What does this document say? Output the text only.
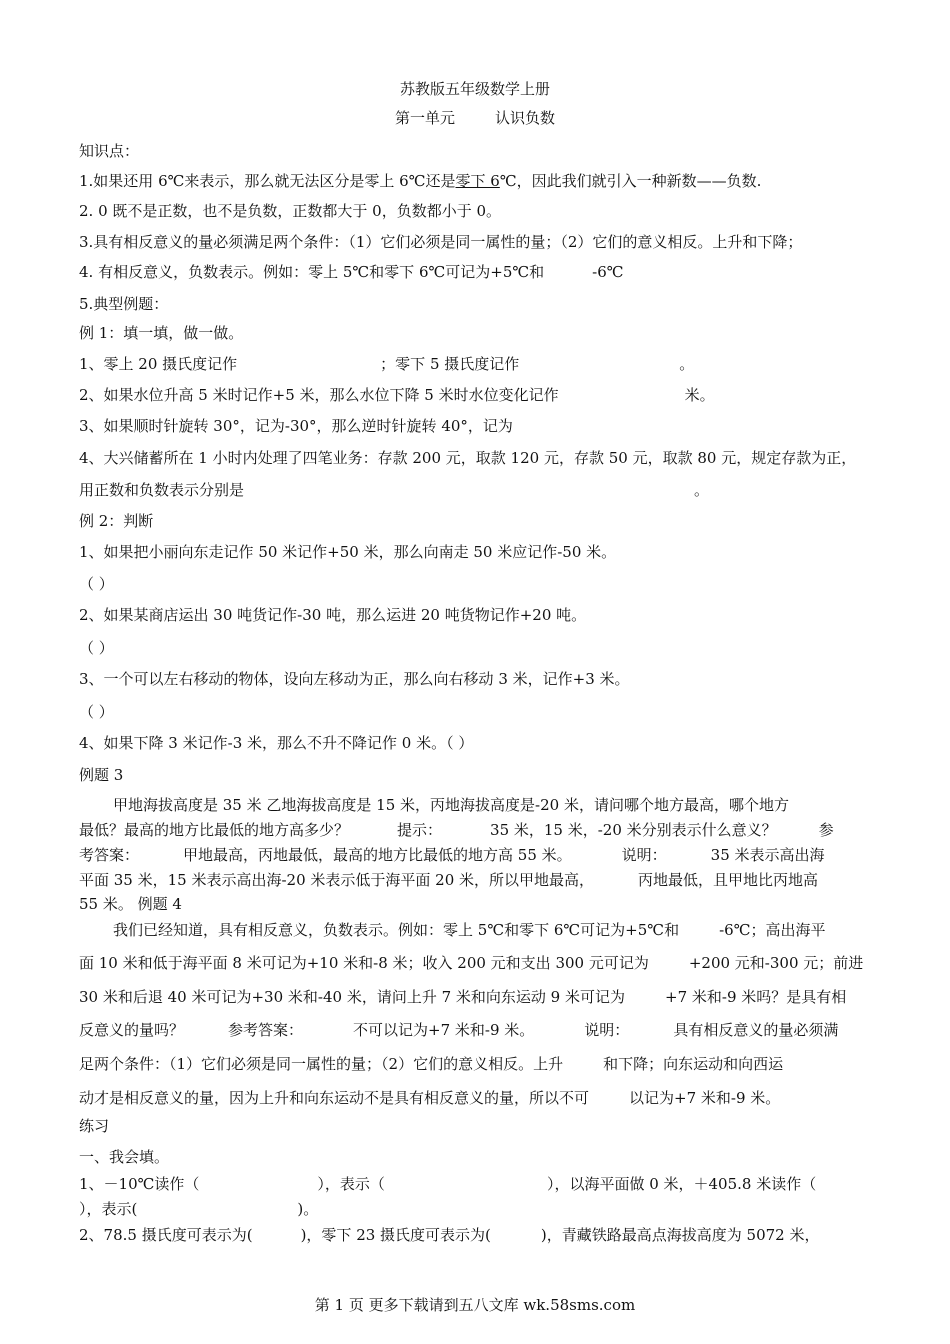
苏教版五年级数学上册
第一单元	认识负数
知识点：
1.如果还用 6℃来表示，那么就无法区分是零上 6℃还是零下 6℃，因此我们就引入一种新数——负数.
2. 0 既不是正数，也不是负数，正数都大于 0，负数都小于 0。
3.具有相反意义的量必须满足两个条件：（1）它们必须是同一属性的量；（2）它们的意义相反。上升和下降；
4. 有相反意义，负数表示。例如：零上 5℃和零下 6℃可记为+5℃和	-6℃
5.典型例题：
例 1：填一填，做一做。
1、零上 20 摄氏度记作	；零下 5 摄氏度记作	。
2、如果水位升高 5 米时记作+5 米，那么水位下降 5 米时水位变化记作	米。
3、如果顺时针旋转 30°，记为-30°，那么逆时针旋转 40°，记为
4、大兴储蓄所在 1 小时内处理了四笔业务：存款 200 元，取款 120 元，存款 50 元，取款 80 元，规定存款为正，
用正数和负数表示分别是	。
例 2：判断
1、如果把小丽向东走记作 50 米记作+50 米，那么向南走 50 米应记作-50 米。
（ ）
2、如果某商店运出 30 吨货记作-30 吨，那么运进 20 吨货物记作+20 吨。
（ ）
3、一个可以左右移动的物体，设向左移动为正，那么向右移动 3 米，记作+3 米。
（ ）
4、如果下降 3 米记作-3 米，那么不升不降记作 0 米。（ ）
例题 3
甲地海拔高度是 35 米 乙地海拔高度是 15 米，丙地海拔高度是-20 米，请问哪个地方最高，哪个地方
最低？最高的地方比最低的地方高多少？	提示：	35 米，15 米，-20 米分别表示什么意义？	参
考答案：	甲地最高，丙地最低，最高的地方比最低的地方高 55 米。	说明：	35 米表示高出海
平面 35 米，15 米表示高出海-20 米表示低于海平面 20 米，所以甲地最高，	丙地最低，且甲地比丙地高
55 米。 例题 4
我们已经知道，具有相反意义，负数表示。例如：零上 5℃和零下 6℃可记为+5℃和	-6℃；高出海平
面 10 米和低于海平面 8 米可记为+10 米和-8 米；收入 200 元和支出 300 元可记为	+200 元和-300 元；前进
30 米和后退 40 米可记为+30 米和-40 米，请问上升 7 米和向东运动 9 米可记为	+7 米和-9 米吗？是具有相
反意义的量吗？	参考答案：	不可以记为+7 米和-9 米。	说明：	具有相反意义的量必须满
足两个条件：（1）它们必须是同一属性的量；（2）它们的意义相反。上升	和下降；向东运动和向西运
动才是相反意义的量，因为上升和向东运动不是具有相反意义的量，所以不可	以记为+7 米和-9 米。
练习
一、我会填。
1、－10℃读作（	），表示（	），以海平面做 0 米，＋405.8 米读作（
），表示(	)。
2、78.5 摄氏度可表示为(	)，零下 23 摄氏度可表示为(	)，青藏铁路最高点海拔高度为 5072 米，
第 1 页 更多下载请到五八文库 wk.58sms.com
